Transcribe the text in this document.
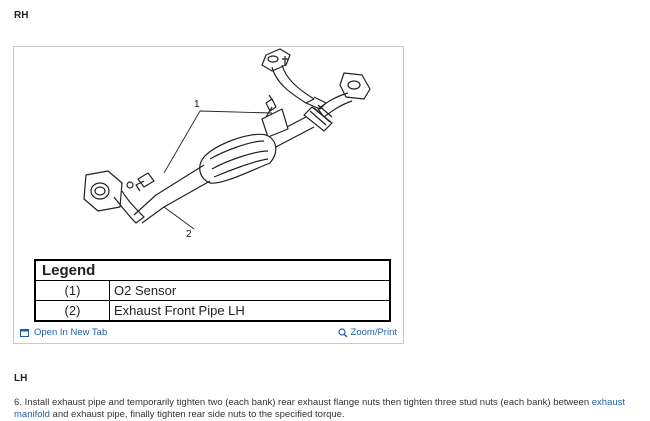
RH
1
2
Legend	
(1)	O2 Sensor
(2)	Exhaust Front Pipe LH
Open In New Tab	Zoom/Print
LH
6. Install exhaust pipe and temporarily tighten two (each bank) rear exhaust flange nuts then tighten three stud nuts (each bank) between exhaust manifold and exhaust pipe, finally tighten rear side nuts to the specified torque.
